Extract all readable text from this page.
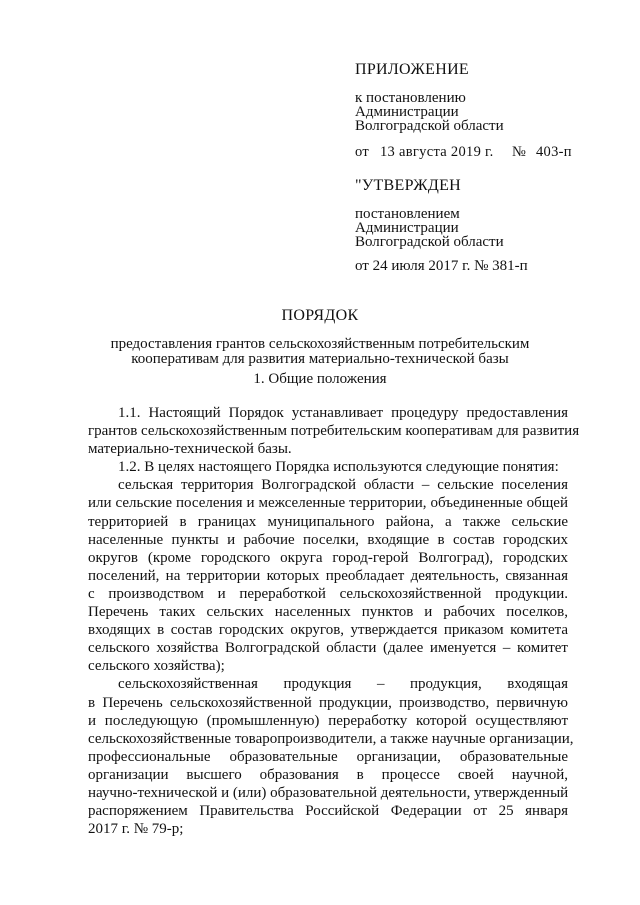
ПРИЛОЖЕНИЕ
к постановлению
Администрации
Волгоградской области
от 13 августа 2019 г. № 403-п
"УТВЕРЖДЕН
постановлением
Администрации
Волгоградской области
от 24 июля 2017 г. № 381-п
ПОРЯДОК
предоставления грантов сельскохозяйственным потребительским
кооперативам для развития материально-технической базы
1. Общие положения
1.1. Настоящий Порядок устанавливает процедуру предоставления
грантов сельскохозяйственным потребительским кооперативам для развития
материально-технической базы.
1.2. В целях настоящего Порядка используются следующие понятия:
сельская территория Волгоградской области – сельские поселения
или сельские поселения и межселенные территории, объединенные общей
территорией в границах муниципального района, а также сельские
населенные пункты и рабочие поселки, входящие в состав городских
округов (кроме городского округа город-герой Волгоград), городских
поселений, на территории которых преобладает деятельность, связанная
с производством и переработкой сельскохозяйственной продукции.
Перечень таких сельских населенных пунктов и рабочих поселков,
входящих в состав городских округов, утверждается приказом комитета
сельского хозяйства Волгоградской области (далее именуется – комитет
сельского хозяйства);
сельскохозяйственная продукция – продукция, входящая
в Перечень сельскохозяйственной продукции, производство, первичную
и последующую (промышленную) переработку которой осуществляют
сельскохозяйственные товаропроизводители, а также научные организации,
профессиональные образовательные организации, образовательные
организации высшего образования в процессе своей научной,
научно-технической и (или) образовательной деятельности, утвержденный
распоряжением Правительства Российской Федерации от 25 января
2017 г. № 79-р;
